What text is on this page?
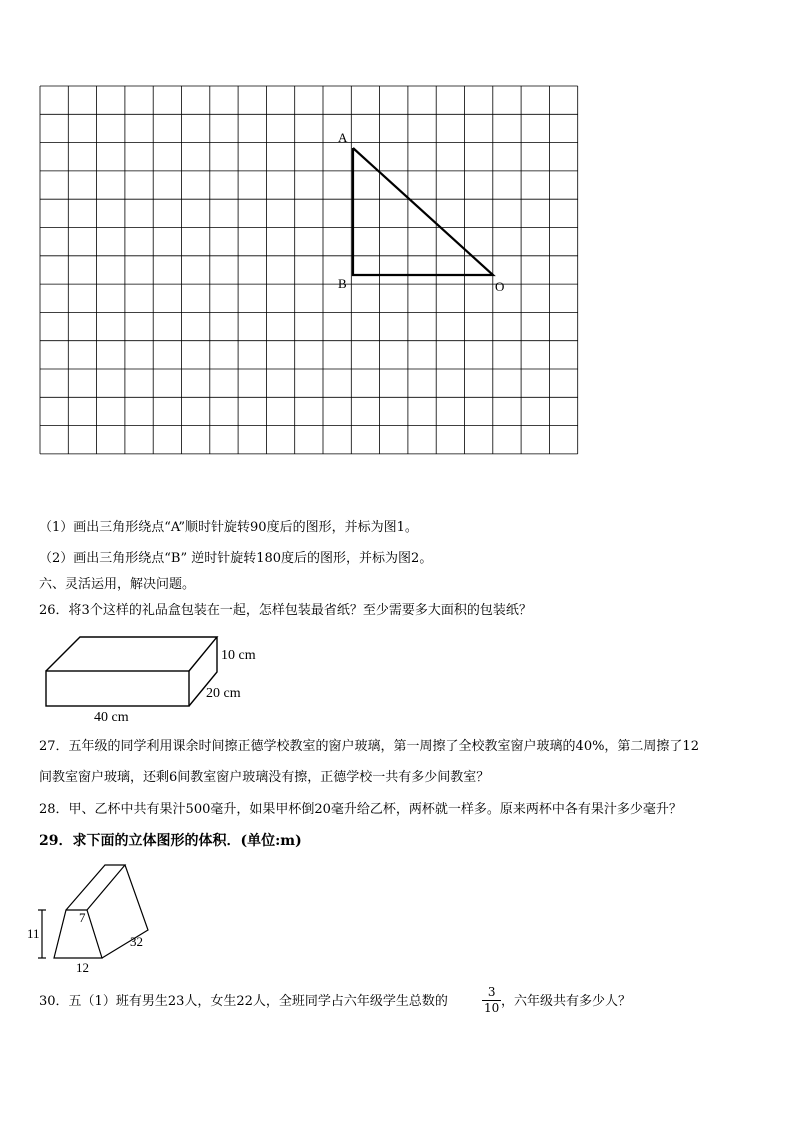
A
B	O
（1）画出三角形绕点“A”顺时针旋转90度后的图形，并标为图1。
（2）画出三角形绕点“B” 逆时针旋转180度后的图形，并标为图2。
六、灵活运用，解决问题。
26．将3个这样的礼品盒包装在一起，怎样包装最省纸？至少需要多大面积的包装纸？
10 cm
20 cm
40 cm
27．五年级的同学利用课余时间擦正德学校教室的窗户玻璃，第一周擦了全校教室窗户玻璃的40%，第二周擦了12
间教室窗户玻璃，还剩6间教室窗户玻璃没有擦，正德学校一共有多少间教室？
28．甲、乙杯中共有果汁500毫升，如果甲杯倒20毫升给乙杯，两杯就一样多。原来两杯中各有果汁多少毫升？
29．求下面的立体图形的体积．(单位:m)
7
11
12
32
30．五（1）班有男生23人，女生22人，全班同学占六年级学生总数的	$\frac{3}{10}$ ，六年级共有多少人？
